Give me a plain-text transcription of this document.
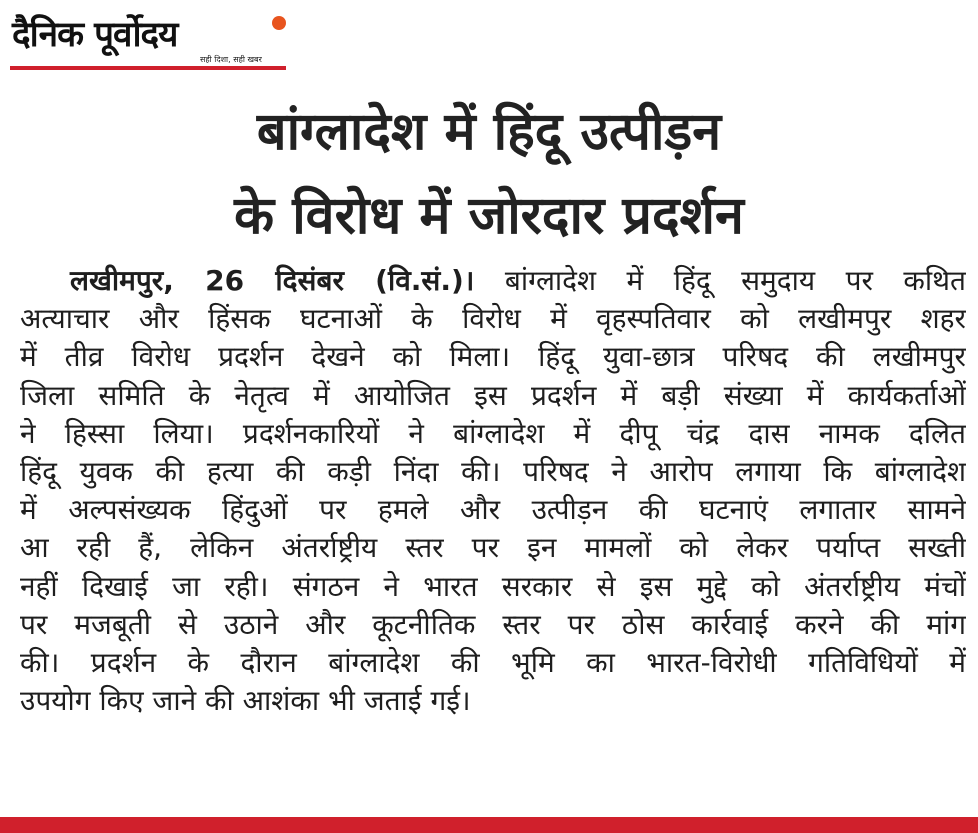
दैनिक पूर्वोदय
सही दिशा, सही खबर
बांग्लादेश में हिंदू उत्पीड़न
के विरोध में जोरदार प्रदर्शन
लखीमपुर, 26 दिसंबर (वि.सं.)। बांग्लादेश में हिंदू समुदाय पर कथित
अत्याचार और हिंसक घटनाओं के विरोध में वृहस्पतिवार को लखीमपुर शहर
में तीव्र विरोध प्रदर्शन देखने को मिला। हिंदू युवा-छात्र परिषद की लखीमपुर
जिला समिति के नेतृत्व में आयोजित इस प्रदर्शन में बड़ी संख्या में कार्यकर्ताओं
ने हिस्सा लिया। प्रदर्शनकारियों ने बांग्लादेश में दीपू चंद्र दास नामक दलित
हिंदू युवक की हत्या की कड़ी निंदा की। परिषद ने आरोप लगाया कि बांग्लादेश
में अल्पसंख्यक हिंदुओं पर हमले और उत्पीड़न की घटनाएं लगातार सामने
आ रही हैं, लेकिन अंतर्राष्ट्रीय स्तर पर इन मामलों को लेकर पर्याप्त सख्ती
नहीं दिखाई जा रही। संगठन ने भारत सरकार से इस मुद्दे को अंतर्राष्ट्रीय मंचों
पर मजबूती से उठाने और कूटनीतिक स्तर पर ठोस कार्रवाई करने की मांग
की। प्रदर्शन के दौरान बांग्लादेश की भूमि का भारत-विरोधी गतिविधियों में
उपयोग किए जाने की आशंका भी जताई गई।
